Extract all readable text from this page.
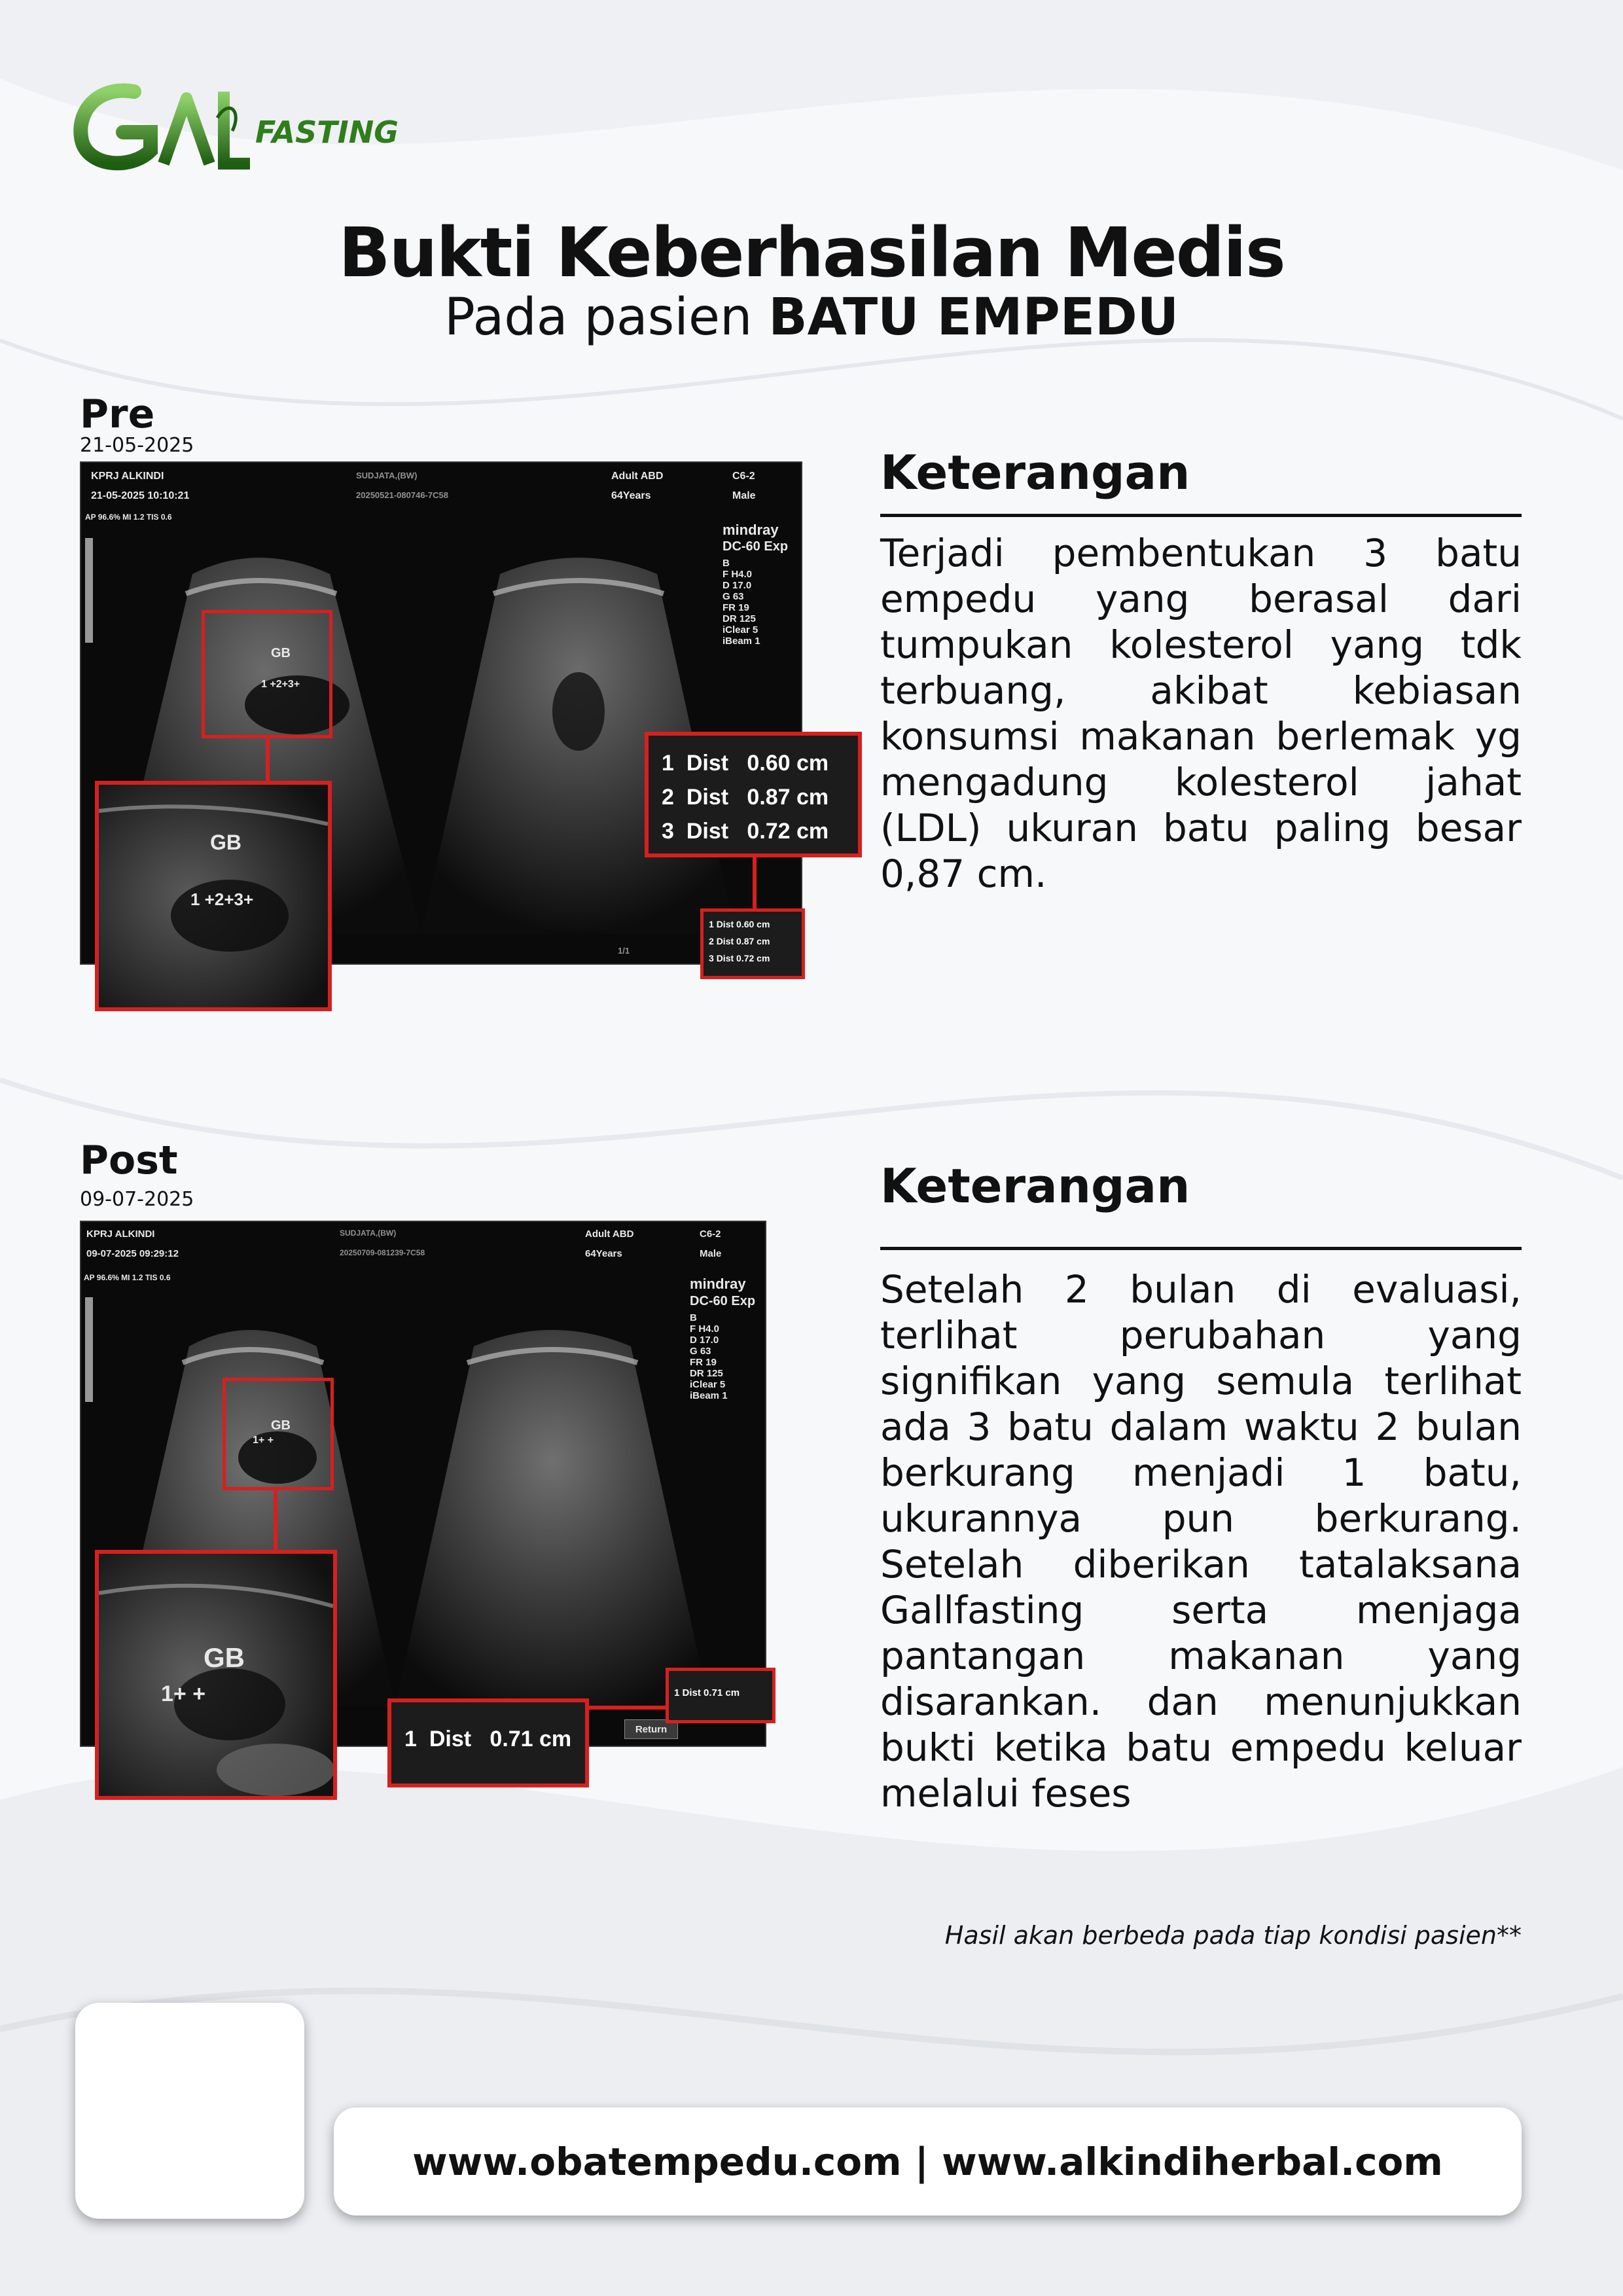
FASTING
Bukti Keberhasilan Medis
Pada pasien BATU EMPEDU
Pre
21-05-2025
KPRJ ALKINDI
21-05-2025 10:10:21
SUDJATA,(BW)
20250521-080746-7C58
Adult ABD
64Years
C6-2
Male
AP 96.6% MI 1.2 TIS 0.6
mindray
DC-60 Exp
B
F H4.0
D 17.0
G 63
FR 19
DR 125
iClear 5
iBeam 1
GB
1 +2+3+
1/1
GB
1 +2+3+
1 Dist 0.60 cm
2 Dist 0.87 cm
3 Dist 0.72 cm
1 Dist 0.60 cm
2 Dist 0.87 cm
3 Dist 0.72 cm
Keterangan
Terjadi pembentukan 3 batu empedu yang berasal dari tumpukan kolesterol yang tdk terbuang, akibat kebiasan konsumsi makanan berlemak yg mengadung kolesterol jahat (LDL) ukuran batu paling besar 0,87 cm.
Post
09-07-2025
KPRJ ALKINDI
09-07-2025 09:29:12
SUDJATA,(BW)
20250709-081239-7C58
Adult ABD
64Years
C6-2
Male
AP 96.6% MI 1.2 TIS 0.6	mindray
DC-60 Exp
B
F H4.0
D 17.0
G 63
FR 19
DR 125
iClear 5
iBeam 1
GB
1+ +
Return
GB
1+ +
1 Dist 0.71 cm
1 Dist 0.71 cm
Keterangan
Setelah 2 bulan di evaluasi, terlihat perubahan yang signifikan yang semula terlihat ada 3 batu dalam waktu 2 bulan berkurang menjadi 1 batu, ukurannya pun berkurang. Setelah diberikan tatalaksana Gallfasting serta menjaga pantangan makanan yang disarankan. dan menunjukkan bukti ketika batu empedu keluar melalui feses
Hasil akan berbeda pada tiap kondisi pasien**
www.obatempedu.com | www.alkindiherbal.com
